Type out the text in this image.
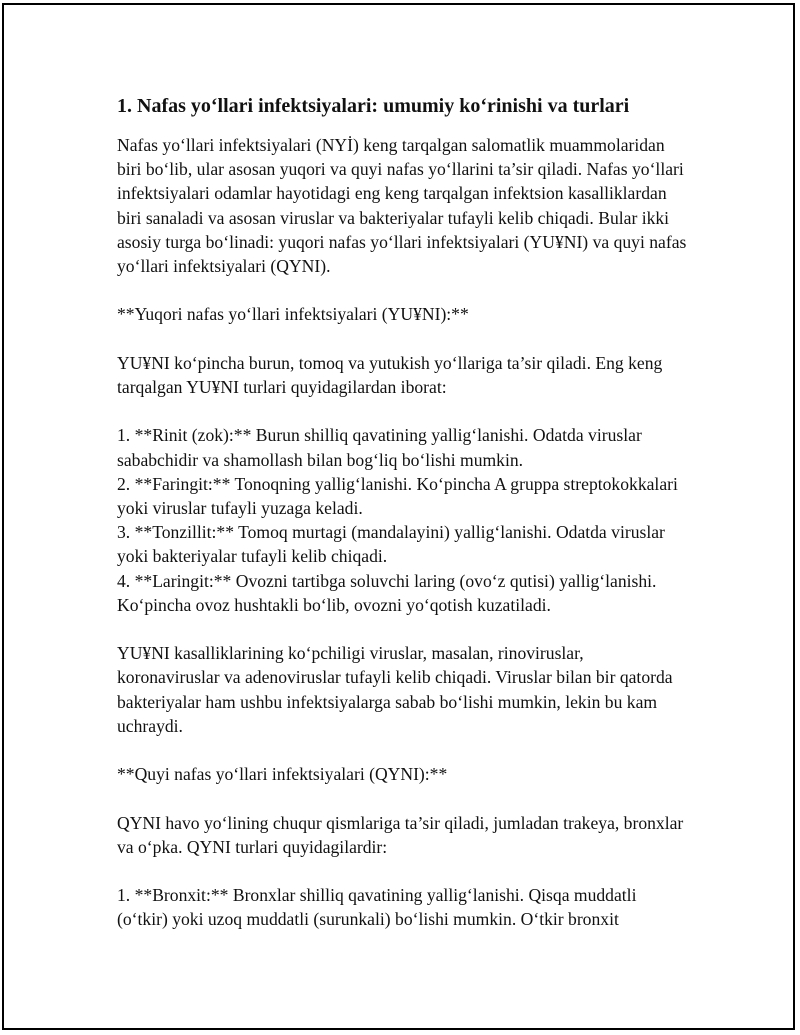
1. Nafas yo‘llari infektsiyalari: umumiy ko‘rinishi va turlari

Nafas yo‘llari infektsiyalari (NYİ) keng tarqalgan salomatlik muammolaridan biri bo‘lib, ular asosan yuqori va quyi nafas yo‘llarini ta’sir qiladi. Nafas yo‘llari infektsiyalari odamlar hayotidagi eng keng tarqalgan infektsion kasalliklardan biri sanaladi va asosan viruslar va bakteriyalar tufayli kelib chiqadi. Bular ikki asosiy turga bo‘linadi: yuqori nafas yo‘llari infektsiyalari (YU¥NI) va quyi nafas yo‘llari infektsiyalari (QYNI).

**Yuqori nafas yo‘llari infektsiyalari (YU¥NI):**

YU¥NI ko‘pincha burun, tomoq va yutukish yo‘llariga ta’sir qiladi. Eng keng tarqalgan YU¥NI turlari quyidagilardan iborat:

1. **Rinit (zok):** Burun shilliq qavatining yallig‘lanishi. Odatda viruslar sababchidir va shamollash bilan bog‘liq bo‘lishi mumkin.
2. **Faringit:** Tonoqning yallig‘lanishi. Ko‘pincha A gruppa streptokokkalari yoki viruslar tufayli yuzaga keladi.
3. **Tonzillit:** Tomoq murtagi (mandalayini) yallig‘lanishi. Odatda viruslar yoki bakteriyalar tufayli kelib chiqadi.
4. **Laringit:** Ovozni tartibga soluvchi laring (ovo‘z qutisi) yallig‘lanishi. Ko‘pincha ovoz hushtakli bo‘lib, ovozni yo‘qotish kuzatiladi.

YU¥NI kasalliklarining ko‘pchiligi viruslar, masalan, rinoviruslar, koronaviruslar va adenoviruslar tufayli kelib chiqadi. Viruslar bilan bir qatorda bakteriyalar ham ushbu infektsiyalarga sabab bo‘lishi mumkin, lekin bu kam uchraydi.

**Quyi nafas yo‘llari infektsiyalari (QYNI):**

QYNI havo yo‘lining chuqur qismlariga ta’sir qiladi, jumladan trakeya, bronxlar va o‘pka. QYNI turlari quyidagilardir:

1. **Bronxit:** Bronxlar shilliq qavatining yallig‘lanishi. Qisqa muddatli (o‘tkir) yoki uzoq muddatli (surunkali) bo‘lishi mumkin. O‘tkir bronxit
